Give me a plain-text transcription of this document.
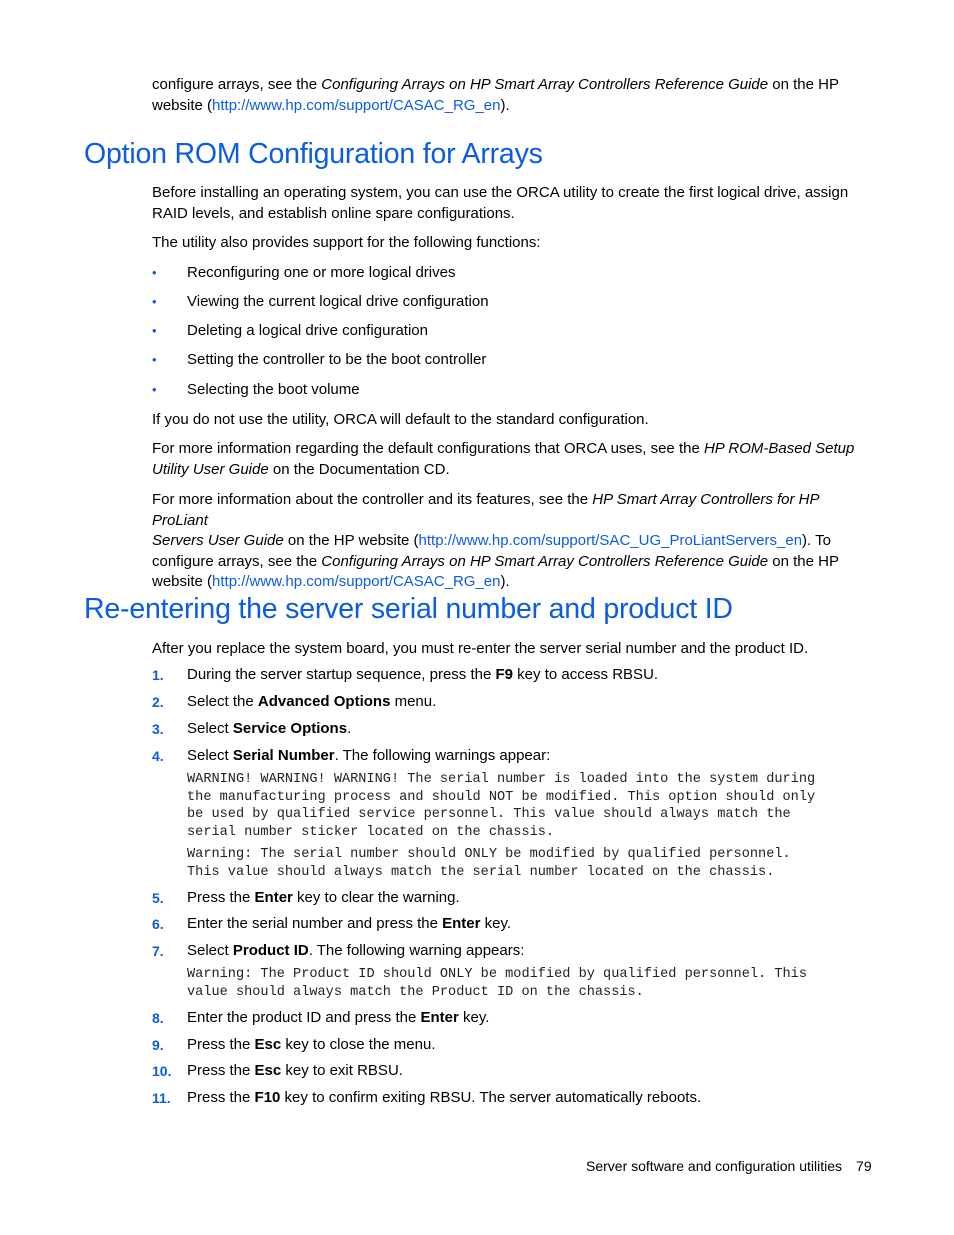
configure arrays, see the Configuring Arrays on HP Smart Array Controllers Reference Guide on the HP
website (http://www.hp.com/support/CASAC_RG_en).
Option ROM Configuration for Arrays
Before installing an operating system, you can use the ORCA utility to create the first logical drive, assign
RAID levels, and establish online spare configurations.
The utility also provides support for the following functions:
• Reconfiguring one or more logical drives
• Viewing the current logical drive configuration
• Deleting a logical drive configuration
• Setting the controller to be the boot controller
• Selecting the boot volume
If you do not use the utility, ORCA will default to the standard configuration.
For more information regarding the default configurations that ORCA uses, see the HP ROM-Based Setup
Utility User Guide on the Documentation CD.
For more information about the controller and its features, see the HP Smart Array Controllers for HP ProLiant
Servers User Guide on the HP website (http://www.hp.com/support/SAC_UG_ProLiantServers_en). To
configure arrays, see the Configuring Arrays on HP Smart Array Controllers Reference Guide on the HP
website (http://www.hp.com/support/CASAC_RG_en).
Re-entering the server serial number and product ID
After you replace the system board, you must re-enter the server serial number and the product ID.
1. During the server startup sequence, press the F9 key to access RBSU.
2. Select the Advanced Options menu.
3. Select Service Options.
4. Select Serial Number. The following warnings appear:
WARNING! WARNING! WARNING! The serial number is loaded into the system during
the manufacturing process and should NOT be modified. This option should only
be used by qualified service personnel. This value should always match the
serial number sticker located on the chassis.
Warning: The serial number should ONLY be modified by qualified personnel.
This value should always match the serial number located on the chassis.
5. Press the Enter key to clear the warning.
6. Enter the serial number and press the Enter key.
7. Select Product ID. The following warning appears:
Warning: The Product ID should ONLY be modified by qualified personnel. This
value should always match the Product ID on the chassis.
8. Enter the product ID and press the Enter key.
9. Press the Esc key to close the menu.
10. Press the Esc key to exit RBSU.
11. Press the F10 key to confirm exiting RBSU. The server automatically reboots.
Server software and configuration utilities 79
